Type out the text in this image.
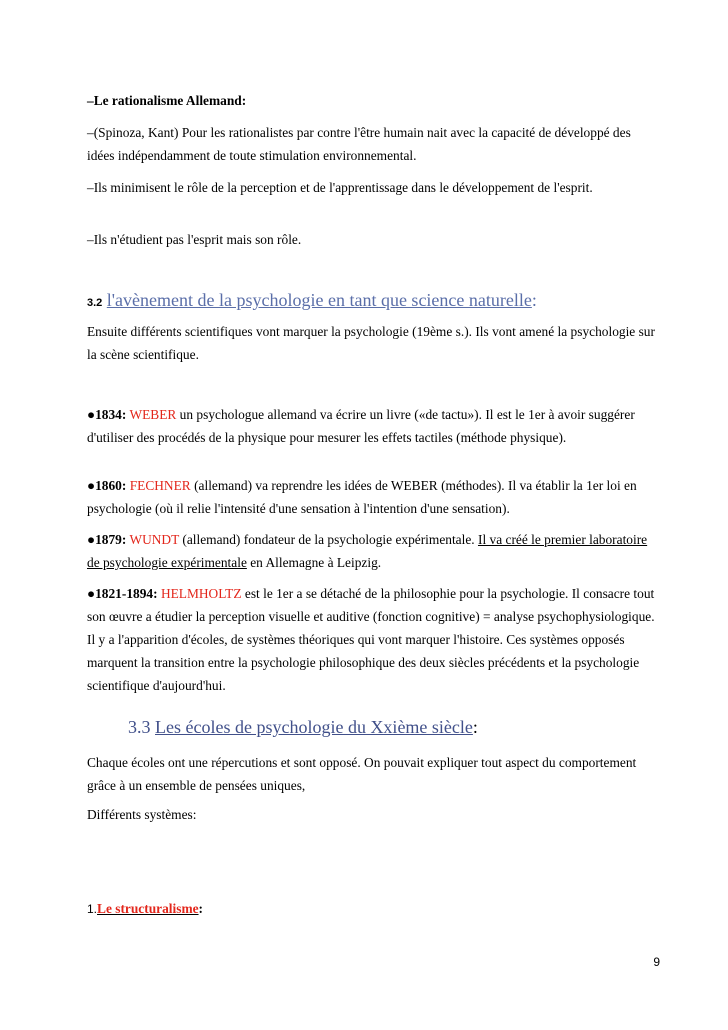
–Le rationalisme Allemand:

–(Spinoza, Kant) Pour les rationalistes par contre l'être humain nait avec la capacité de développé des idées indépendamment de toute stimulation environnemental.

–Ils minimisent le rôle de la perception et de l'apprentissage dans le développement de l'esprit.

–Ils n'étudient pas l'esprit mais son rôle.

3.2 l'avènement de la psychologie en tant que science naturelle:

Ensuite différents scientifiques vont marquer la psychologie (19ème s.). Ils vont amené la psychologie sur la scène scientifique.

●1834: WEBER un psychologue allemand va écrire un livre («de tactu»). Il est le 1er à avoir suggérer d'utiliser des procédés de la physique pour mesurer les effets tactiles (méthode physique).

●1860: FECHNER (allemand) va reprendre les idées de WEBER (méthodes). Il va établir la 1er loi en psychologie (où il relie l'intensité d'une sensation à l'intention d'une sensation).

●1879: WUNDT (allemand) fondateur de la psychologie expérimentale. Il va créé le premier laboratoire de psychologie expérimentale en Allemagne à Leipzig.

●1821-1894: HELMHOLTZ est le 1er a se détaché de la philosophie pour la psychologie. Il consacre tout son œuvre a étudier la perception visuelle et auditive (fonction cognitive) = analyse psychophysiologique. Il y a l'apparition d'écoles, de systèmes théoriques qui vont marquer l'histoire. Ces systèmes opposés marquent la transition entre la psychologie philosophique des deux siècles précédents et la psychologie scientifique d'aujourd'hui.

3.3 Les écoles de psychologie du Xxième siècle:

Chaque écoles ont une répercutions et sont opposé. On pouvait expliquer tout aspect du comportement grâce à un ensemble de pensées uniques,

Différents systèmes:

1.Le structuralisme:

9
